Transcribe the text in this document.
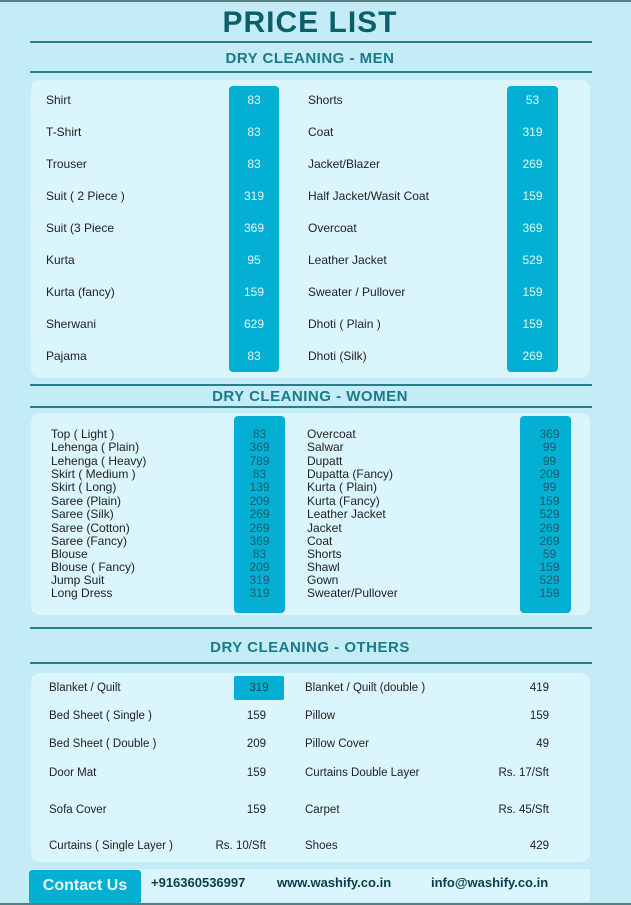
PRICE LIST
DRY CLEANING - MEN
Shirt	83
T-Shirt	83
Trouser	83
Suit ( 2 Piece )	319
Suit (3 Piece	369
Kurta	95
Kurta (fancy)	159
Sherwani	629
Pajama	83
Shorts	53
Coat	319
Jacket/Blazer	269
Half Jacket/Wasit Coat	159
Overcoat	369
Leather Jacket	529
Sweater / Pullover	159
Dhoti ( Plain )	159
Dhoti (Silk)	269
DRY CLEANING - WOMEN
Top ( Light )	83
Lehenga ( Plain)	369
Lehenga ( Heavy)	789
Skirt ( Medium )	83
Skirt ( Long)	139
Saree (Plain)	209
Saree (Silk)	269
Saree (Cotton)	269
Saree (Fancy)	369
Blouse	83
Blouse ( Fancy)	209
Jump Suit	319
Long Dress	319
Overcoat	369
Salwar	99
Dupatt	99
Dupatta (Fancy)	209
Kurta ( Plain)	99
Kurta (Fancy)	159
Leather Jacket	529
Jacket	269
Coat	269
Shorts	59
Shawl	159
Gown	529
Sweater/Pullover	159
DRY CLEANING - OTHERS
Blanket / Quilt	319
Bed Sheet ( Single )	159
Bed Sheet ( Double )	209
Door Mat	159
Sofa Cover	159
Curtains ( Single Layer )	Rs. 10/Sft
Blanket / Quilt (double )	419
Pillow	159
Pillow Cover	49
Curtains Double Layer	Rs. 17/Sft
Carpet	Rs. 45/Sft
Shoes	429
Contact Us	+916360536997 www.washify.co.in	info@washify.co.in
